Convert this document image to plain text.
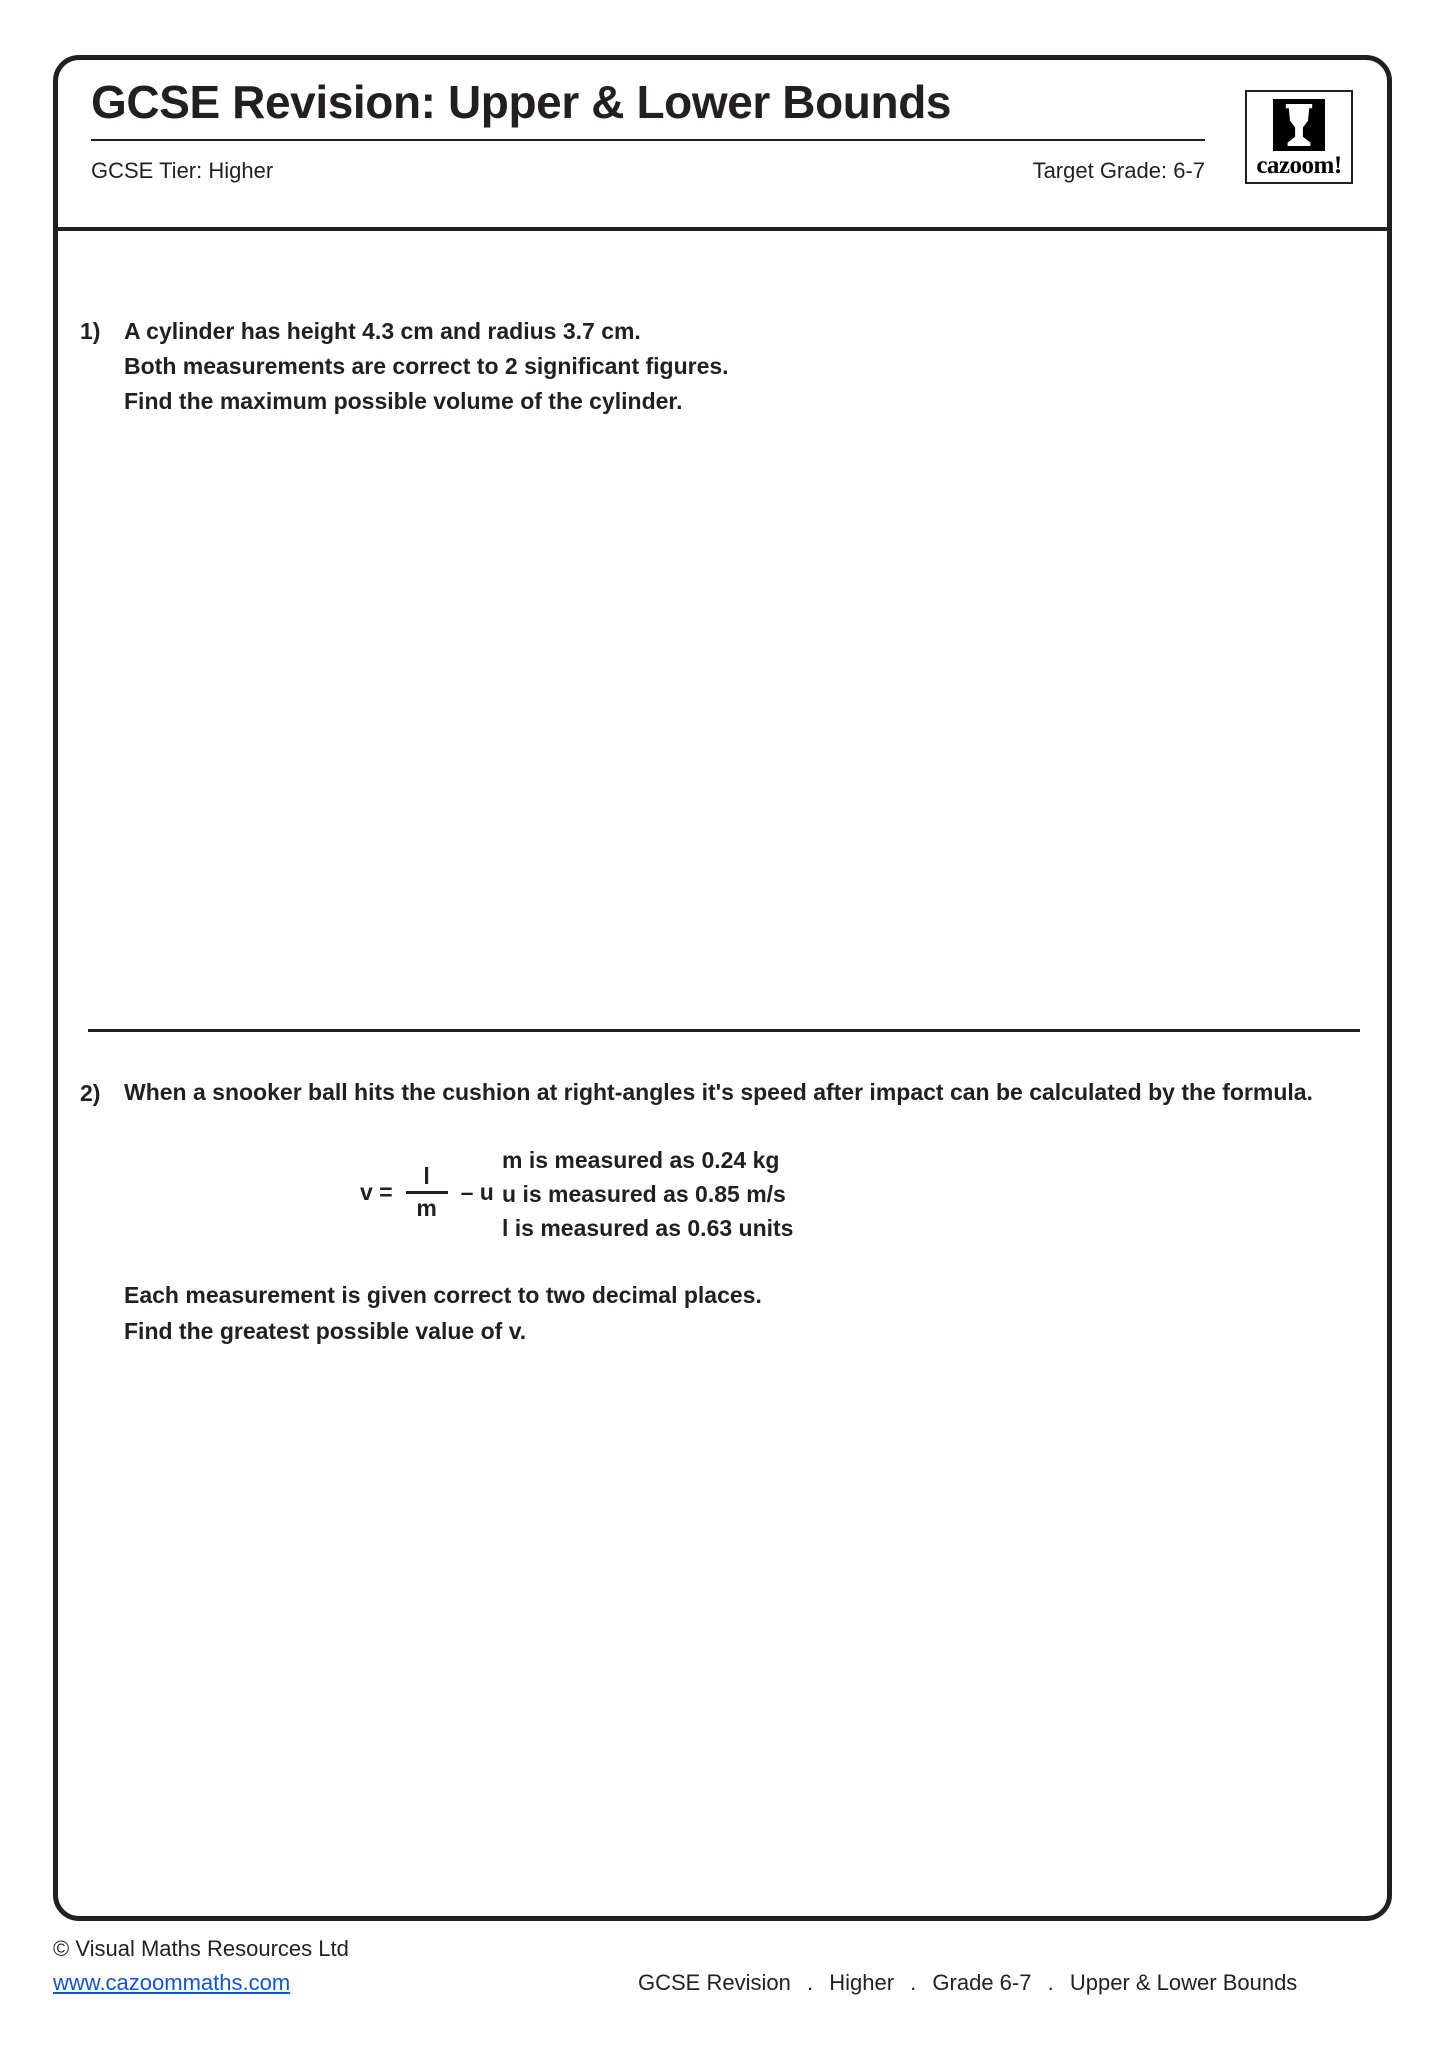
GCSE Revision: Upper & Lower Bounds
GCSE Tier: Higher	Target Grade: 6-7	cazoom!
1)	A cylinder has height 4.3 cm and radius 3.7 cm.
Both measurements are correct to 2 significant figures.
Find the maximum possible volume of the cylinder.
2)	When a snooker ball hits the cushion at right-angles it's speed after impact can be calculated by the formula.
$v = \frac{l}{m} - u$
m is measured as 0.24 kg
u is measured as 0.85 m/s
l is measured as 0.63 units
Each measurement is given correct to two decimal places.
Find the greatest possible value of v.
© Visual Maths Resources Ltd
www.cazoommaths.com	GCSE Revision . Higher . Grade 6-7 . Upper & Lower Bounds
